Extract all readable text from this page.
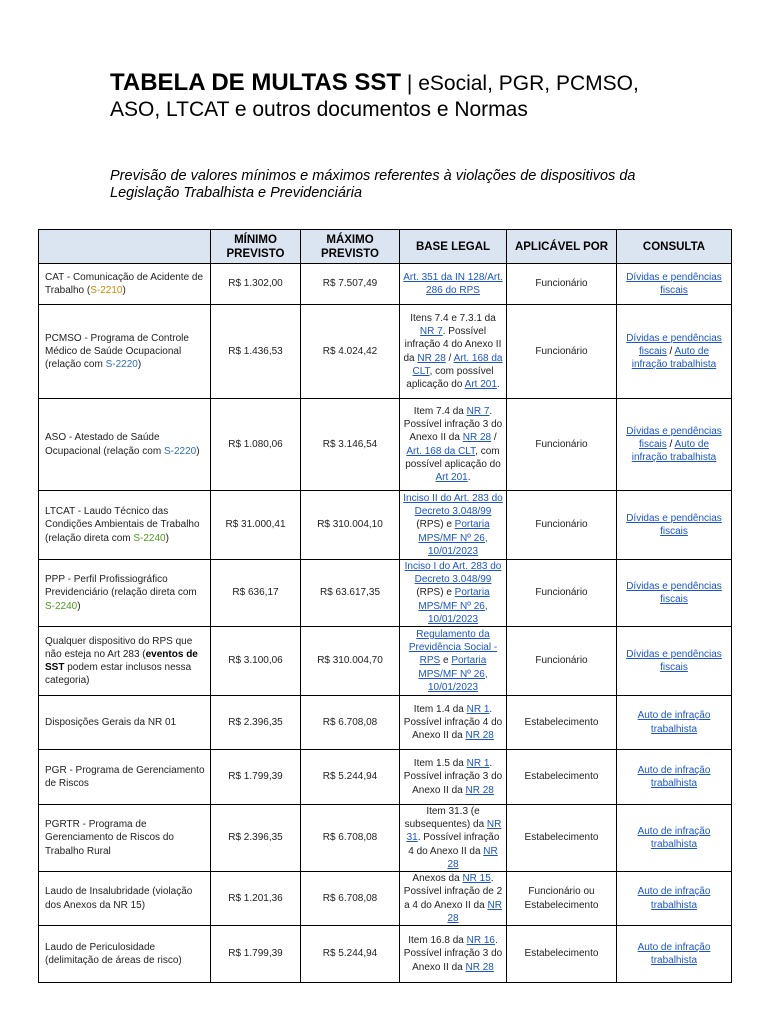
TABELA DE MULTAS SST | eSocial, PGR, PCMSO, ASO, LTCAT e outros documentos e Normas
Previsão de valores mínimos e máximos referentes à violações de dispositivos da Legislação Trabalhista e Previdenciária
	MÍNIMO PREVISTO	MÁXIMO PREVISTO	BASE LEGAL	APLICÁVEL POR	CONSULTA
CAT - Comunicação de Acidente de Trabalho (S-2210)	R$ 1.302,00	R$ 7.507,49	Art. 351 da IN 128/Art. 286 do RPS	Funcionário	Dívidas e pendências fiscais
PCMSO - Programa de Controle Médico de Saúde Ocupacional (relação com S-2220)	R$ 1.436,53	R$ 4.024,42	Itens 7.4 e 7.3.1 da NR 7. Possível infração 4 do Anexo II da NR 28 / Art. 168 da CLT, com possível aplicação do Art 201.	Funcionário	Dívidas e pendências fiscais / Auto de infração trabalhista
ASO - Atestado de Saúde Ocupacional (relação com S-2220)	R$ 1.080,06	R$ 3.146,54	Item 7.4 da NR 7. Possível infração 3 do Anexo II da NR 28 / Art. 168 da CLT, com possível aplicação do Art 201.	Funcionário	Dívidas e pendências fiscais / Auto de infração trabalhista
LTCAT - Laudo Técnico das Condições Ambientais de Trabalho (relação direta com S-2240)	R$ 31.000,41	R$ 310.004,10	Inciso II do Art. 283 do Decreto 3.048/99 (RPS) e Portaria MPS/MF Nº 26, 10/01/2023	Funcionário	Dívidas e pendências fiscais
PPP - Perfil Profissiográfico Previdenciário (relação direta com S-2240)	R$ 636,17	R$ 63.617,35	Inciso I do Art. 283 do Decreto 3.048/99 (RPS) e Portaria MPS/MF Nº 26, 10/01/2023	Funcionário	Dívidas e pendências fiscais
Qualquer dispositivo do RPS que não esteja no Art 283 (eventos de SST podem estar inclusos nessa categoria)	R$ 3.100,06	R$ 310.004,70	Regulamento da Previdência Social - RPS e Portaria MPS/MF Nº 26, 10/01/2023	Funcionário	Dívidas e pendências fiscais
Disposições Gerais da NR 01	R$ 2.396,35	R$ 6.708,08	Item 1.4 da NR 1. Possível infração 4 do Anexo II da NR 28	Estabelecimento	Auto de infração trabalhista
PGR - Programa de Gerenciamento de Riscos	R$ 1.799,39	R$ 5.244,94	Item 1.5 da NR 1. Possível infração 3 do Anexo II da NR 28	Estabelecimento	Auto de infração trabalhista
PGRTR - Programa de Gerenciamento de Riscos do Trabalho Rural	R$ 2.396,35	R$ 6.708,08	Item 31.3 (e subsequentes) da NR 31. Possível infração 4 do Anexo II da NR 28	Estabelecimento	Auto de infração trabalhista
Laudo de Insalubridade (violação dos Anexos da NR 15)	R$ 1.201,36	R$ 6.708,08	Anexos da NR 15. Possível infração de 2 a 4 do Anexo II da NR 28	Funcionário ou Estabelecimento	Auto de infração trabalhista
Laudo de Periculosidade (delimitação de áreas de risco)	R$ 1.799,39	R$ 5.244,94	Item 16.8 da NR 16. Possível infração 3 do Anexo II da NR 28	Estabelecimento	Auto de infração trabalhista
